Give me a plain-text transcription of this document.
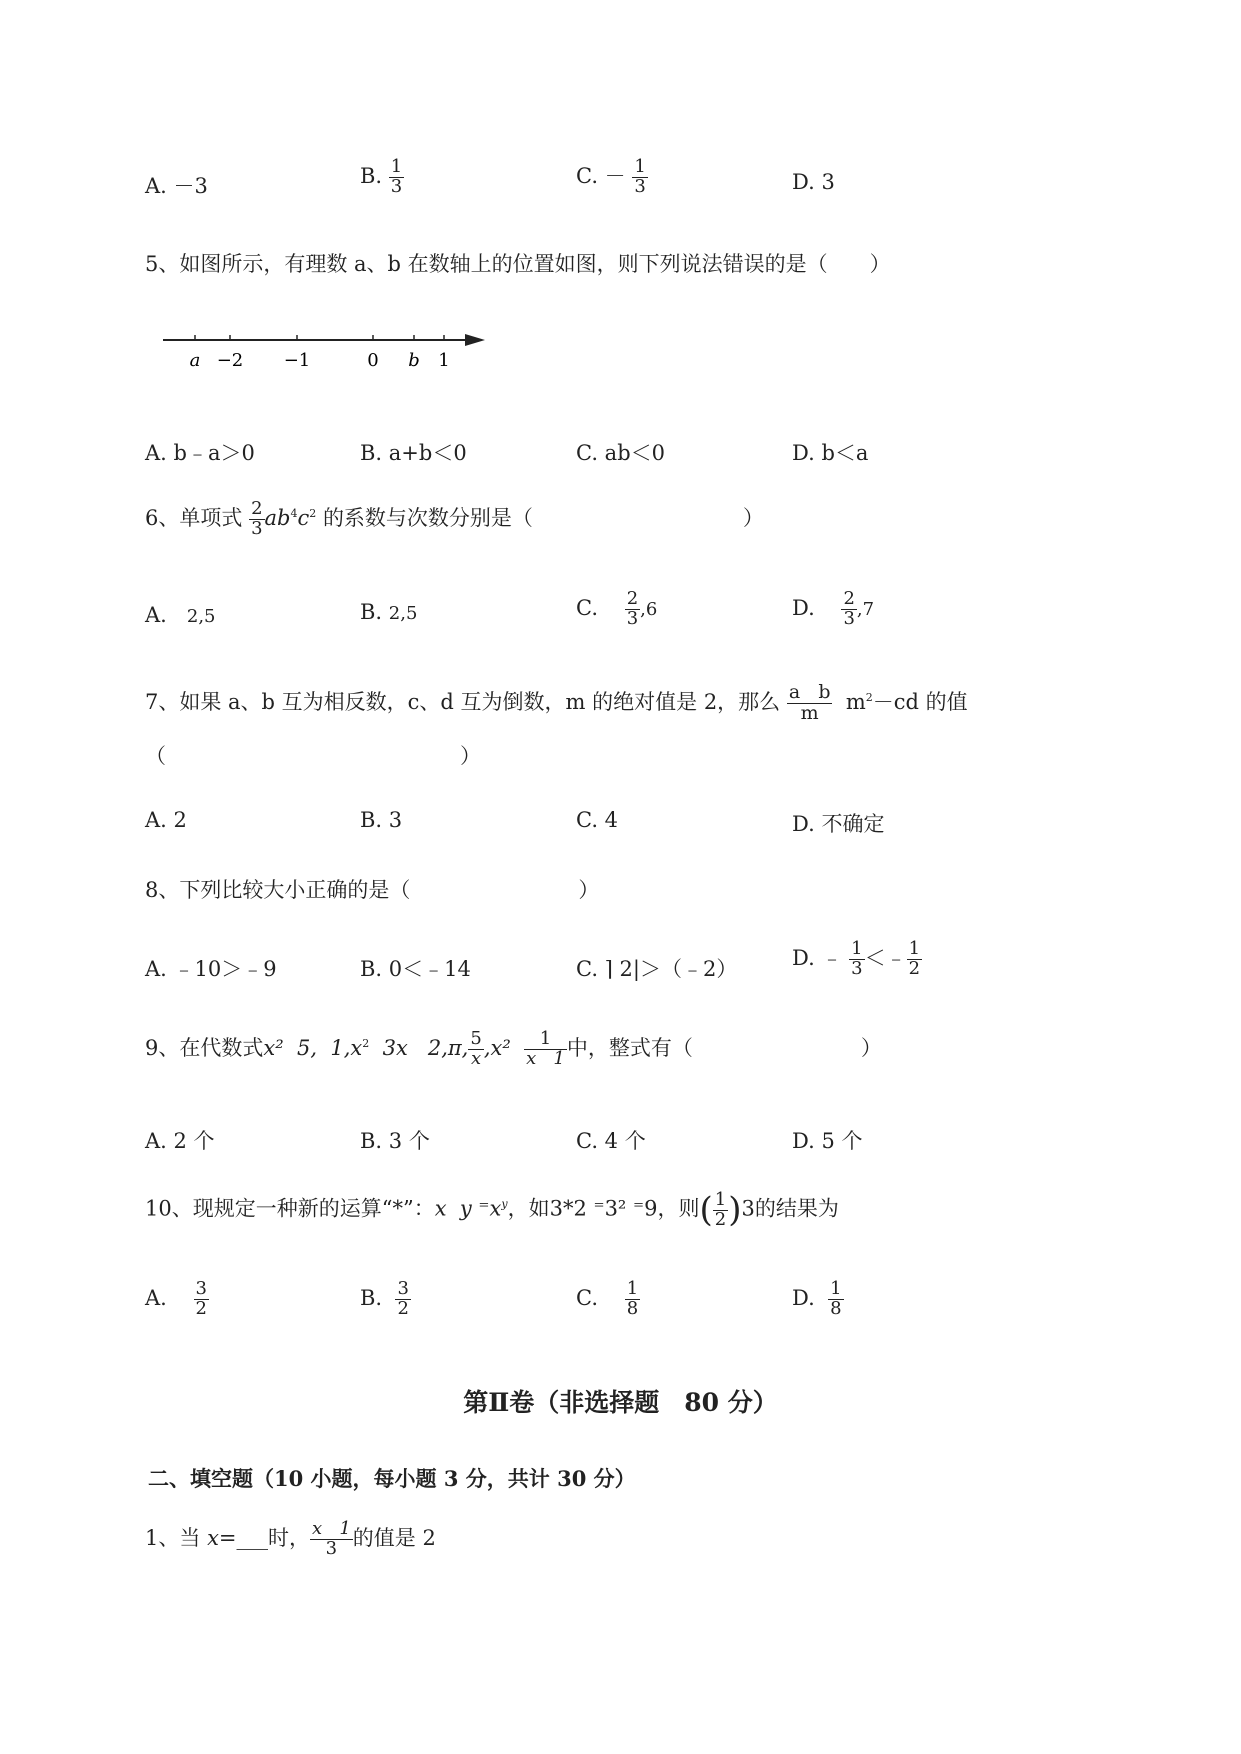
A. －3	B. $\frac{1}{3}$	C. － $\frac{1}{3}$	D. 3
5、如图所示，有理数 a、b 在数轴上的位置如图，则下列说法错误的是（　　）
a −2 −1	0 b 1
A. b﹣a＞0	B. a+b＜0	C. ab＜0	D. b＜a
6、单项式 $\frac{2}{3} ab^4c^2$ 的系数与次数分别是（　　　　　　　　　　）
A. 2,5	B. 2,5	C. $\frac{2}{3} ,6$	D. $\frac{2}{3} ,7$
7、如果 a、b 互为相反数，c、d 互为倒数，m 的绝对值是 2，那么 $\frac{\text{a   b}}{m} m^2-cd$ 的值
（　　　　　　　　　　　　　　）
A. 2	B. 3	C. 4	D. 不确定
8、下列比较大小正确的是（　　　　　　　　）
A. ﹣10＞﹣9	B. 0＜﹣14	C. ⌉ 2|＞（﹣2）	D. ﹣ $\frac{1}{3}$ ＜﹣ $\frac{1}{2}$
9、在代数式x²  5,  $1,x^2$  3x   2,π, $\frac{5}{x} ,x^2 \frac{1}{x 1}$ 中，整式有（　　　　　　　　）
A. 2 个	B. 3 个	C. 4 个	D. 5 个
10、现规定一种新的运算“*”：x  y $^=x^y$，如3*2 ⁼3² ⁼9，则( $\frac{1}{2} )3$的结果为
A. $\frac{3}{2}$	B. $\frac{3}{2}$	C. $\frac{1}{8}$	D. $\frac{1}{8}$
第Ⅱ卷（非选择题　80 分）
二、填空题（10 小题，每小题 3 分，共计 30 分）
1、当 x=___时， $\frac{x 1}{3}$ 的值是 2
